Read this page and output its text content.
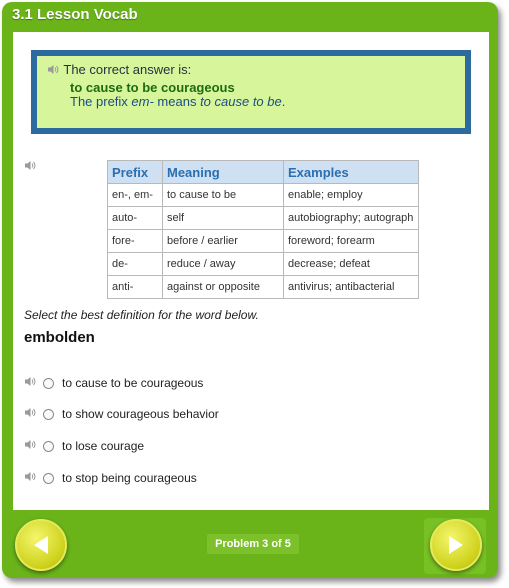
3.1 Lesson Vocab
The correct answer is:
to cause to be courageous
The prefix em- means to cause to be.
Prefix	Meaning	Examples
en-, em-	to cause to be	enable; employ
auto-	self	autobiography; autograph
fore-	before / earlier	foreword; forearm
de-	reduce / away	decrease; defeat
anti-	against or opposite	antivirus; antibacterial
Select the best definition for the word below.
embolden
to cause to be courageous
to show courageous behavior
to lose courage
to stop being courageous
Problem 3 of 5
